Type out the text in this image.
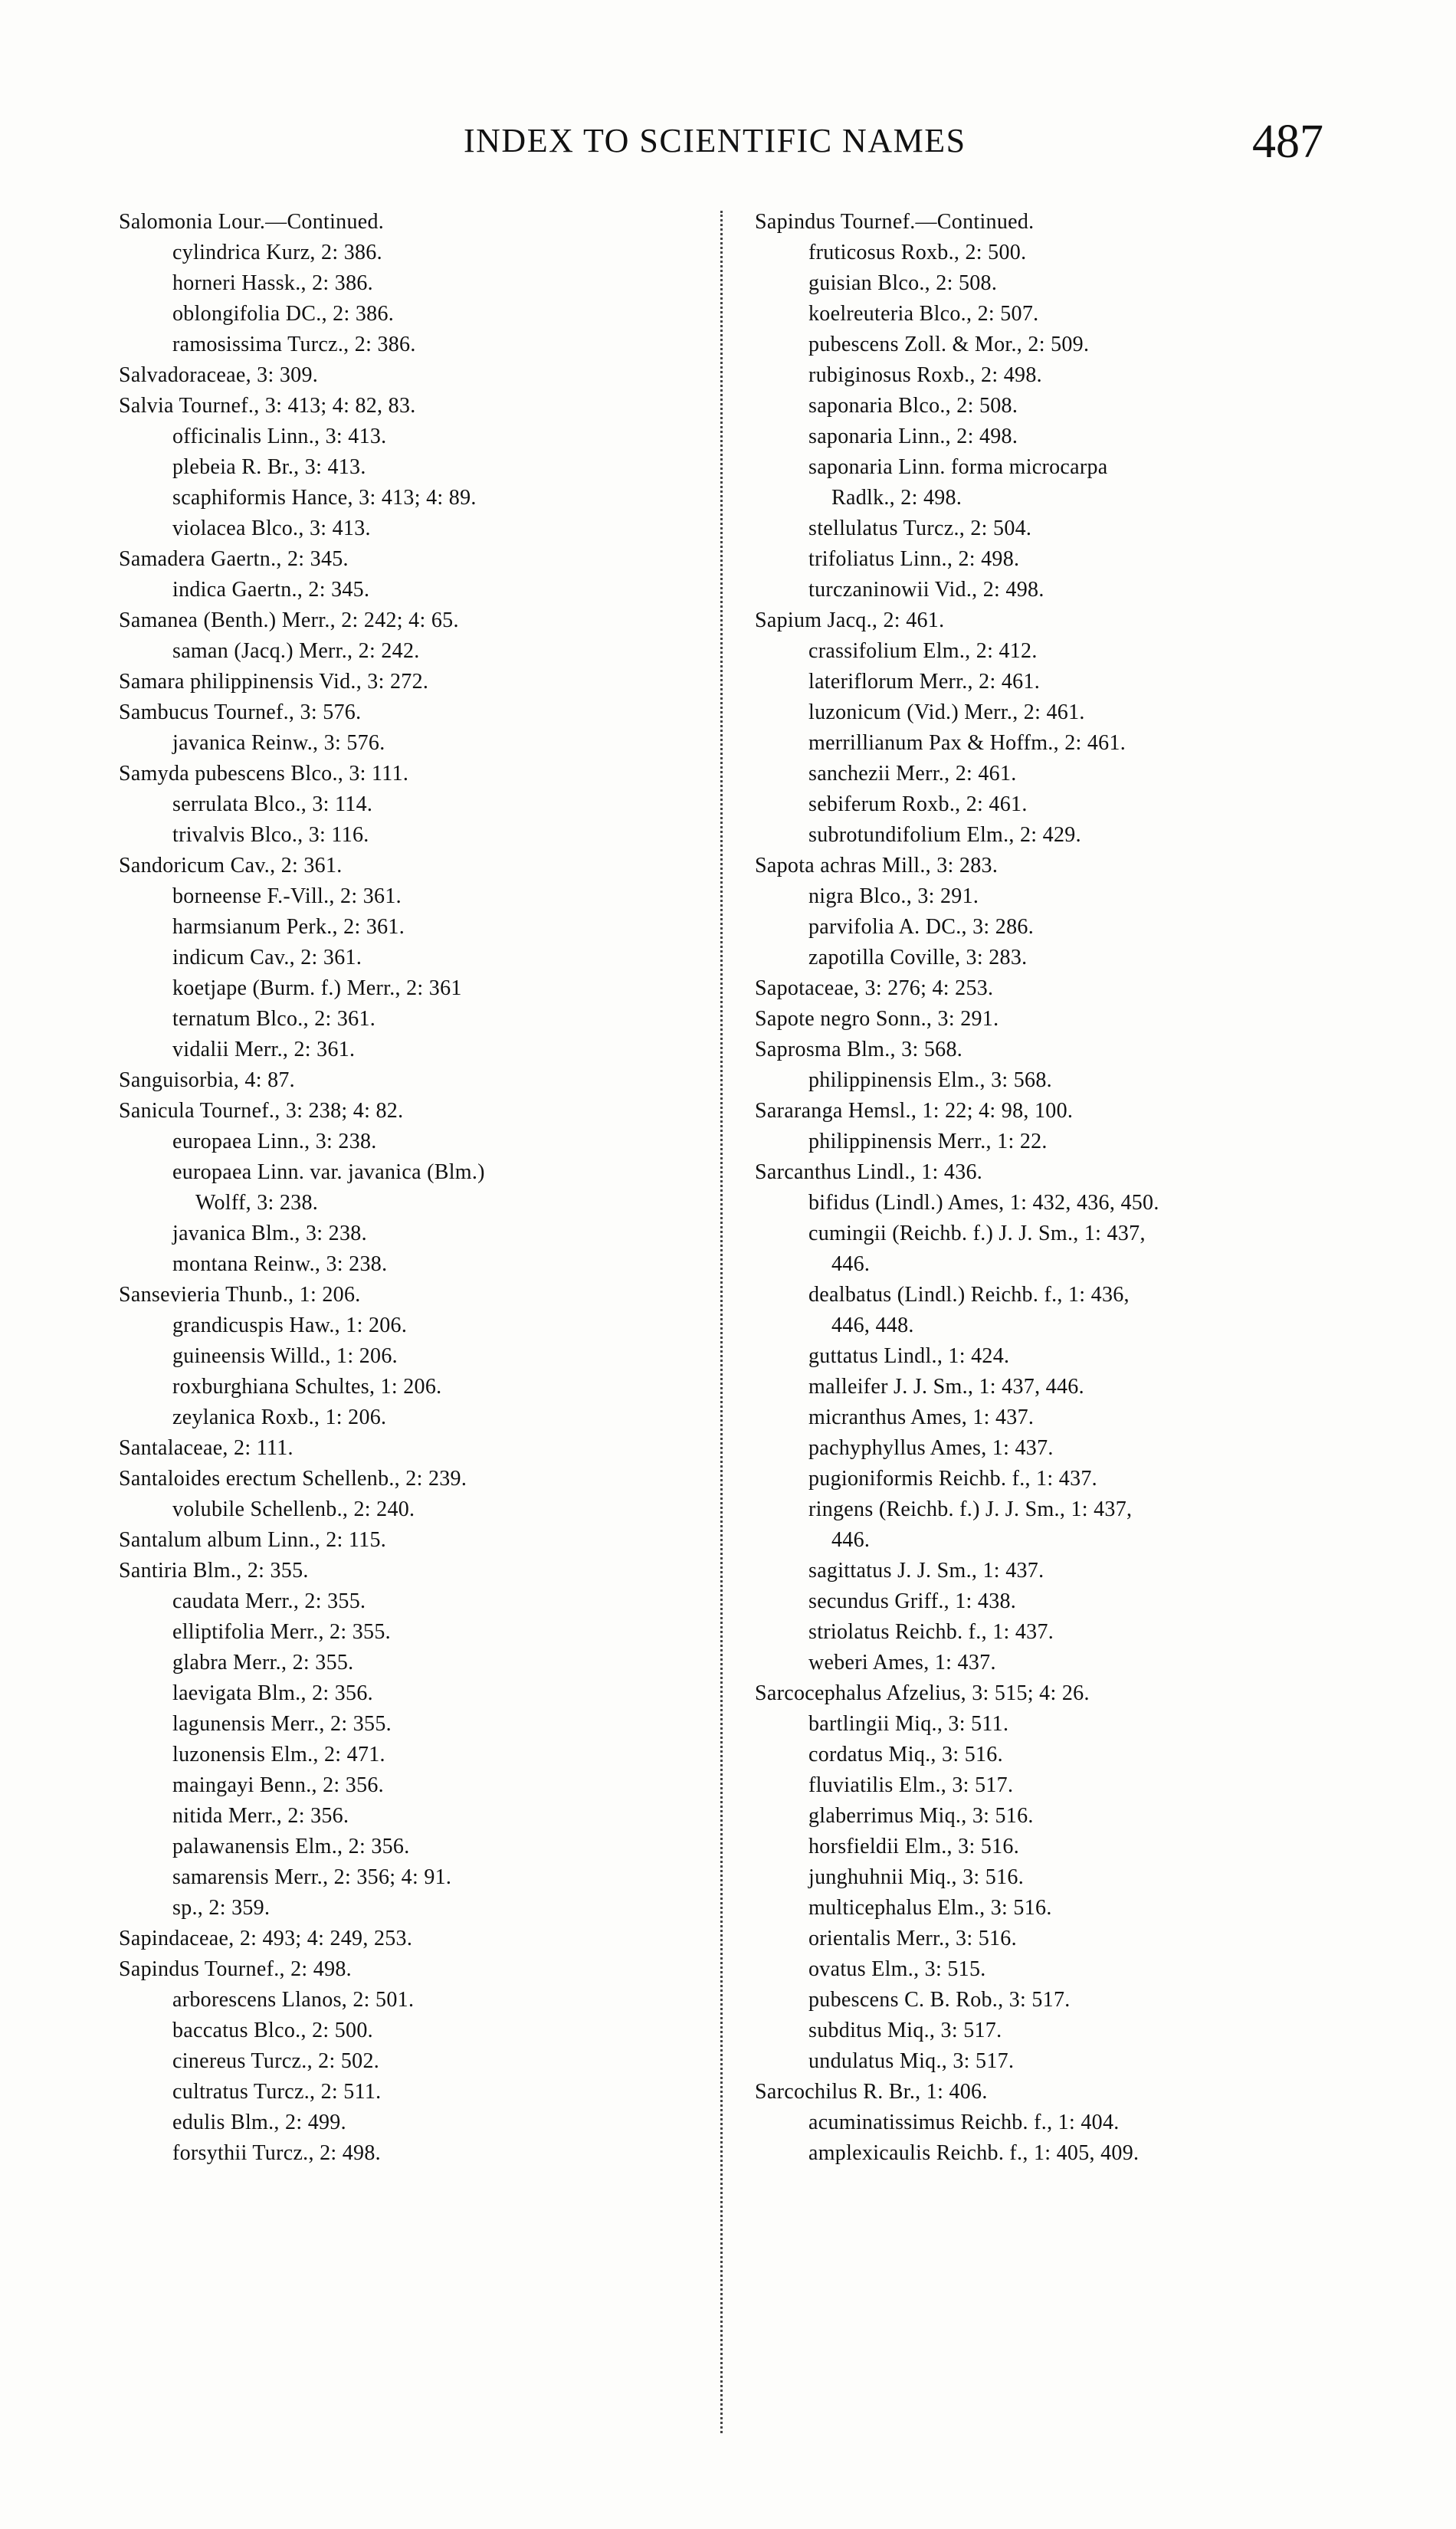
INDEX TO SCIENTIFIC NAMES	487
Salomonia Lour.—Continued.
cylindrica Kurz, 2: 386.
horneri Hassk., 2: 386.
oblongifolia DC., 2: 386.
ramosissima Turcz., 2: 386.
Salvadoraceae, 3: 309.
Salvia Tournef., 3: 413; 4: 82, 83.
officinalis Linn., 3: 413.
plebeia R. Br., 3: 413.
scaphiformis Hance, 3: 413; 4: 89.
violacea Blco., 3: 413.
Samadera Gaertn., 2: 345.
indica Gaertn., 2: 345.
Samanea (Benth.) Merr., 2: 242; 4: 65.
saman (Jacq.) Merr., 2: 242.
Samara philippinensis Vid., 3: 272.
Sambucus Tournef., 3: 576.
javanica Reinw., 3: 576.
Samyda pubescens Blco., 3: 111.
serrulata Blco., 3: 114.
trivalvis Blco., 3: 116.
Sandoricum Cav., 2: 361.
borneense F.-Vill., 2: 361.
harmsianum Perk., 2: 361.
indicum Cav., 2: 361.
koetjape (Burm. f.) Merr., 2: 361
ternatum Blco., 2: 361.
vidalii Merr., 2: 361.
Sanguisorbia, 4: 87.
Sanicula Tournef., 3: 238; 4: 82.
europaea Linn., 3: 238.
europaea Linn. var. javanica (Blm.)
Wolff, 3: 238.
javanica Blm., 3: 238.
montana Reinw., 3: 238.
Sansevieria Thunb., 1: 206.
grandicuspis Haw., 1: 206.
guineensis Willd., 1: 206.
roxburghiana Schultes, 1: 206.
zeylanica Roxb., 1: 206.
Santalaceae, 2: 111.
Santaloides erectum Schellenb., 2: 239.
volubile Schellenb., 2: 240.
Santalum album Linn., 2: 115.
Santiria Blm., 2: 355.
caudata Merr., 2: 355.
elliptifolia Merr., 2: 355.
glabra Merr., 2: 355.
laevigata Blm., 2: 356.
lagunensis Merr., 2: 355.
luzonensis Elm., 2: 471.
maingayi Benn., 2: 356.
nitida Merr., 2: 356.
palawanensis Elm., 2: 356.
samarensis Merr., 2: 356; 4: 91.
sp., 2: 359.
Sapindaceae, 2: 493; 4: 249, 253.
Sapindus Tournef., 2: 498.
arborescens Llanos, 2: 501.
baccatus Blco., 2: 500.
cinereus Turcz., 2: 502.
cultratus Turcz., 2: 511.
edulis Blm., 2: 499.
forsythii Turcz., 2: 498.
Sapindus Tournef.—Continued.
fruticosus Roxb., 2: 500.
guisian Blco., 2: 508.
koelreuteria Blco., 2: 507.
pubescens Zoll. & Mor., 2: 509.
rubiginosus Roxb., 2: 498.
saponaria Blco., 2: 508.
saponaria Linn., 2: 498.
saponaria Linn. forma microcarpa
Radlk., 2: 498.
stellulatus Turcz., 2: 504.
trifoliatus Linn., 2: 498.
turczaninowii Vid., 2: 498.
Sapium Jacq., 2: 461.
crassifolium Elm., 2: 412.
lateriflorum Merr., 2: 461.
luzonicum (Vid.) Merr., 2: 461.
merrillianum Pax & Hoffm., 2: 461.
sanchezii Merr., 2: 461.
sebiferum Roxb., 2: 461.
subrotundifolium Elm., 2: 429.
Sapota achras Mill., 3: 283.
nigra Blco., 3: 291.
parvifolia A. DC., 3: 286.
zapotilla Coville, 3: 283.
Sapotaceae, 3: 276; 4: 253.
Sapote negro Sonn., 3: 291.
Saprosma Blm., 3: 568.
philippinensis Elm., 3: 568.
Sararanga Hemsl., 1: 22; 4: 98, 100.
philippinensis Merr., 1: 22.
Sarcanthus Lindl., 1: 436.
bifidus (Lindl.) Ames, 1: 432, 436, 450.
cumingii (Reichb. f.) J. J. Sm., 1: 437,
446.
dealbatus (Lindl.) Reichb. f., 1: 436,
446, 448.
guttatus Lindl., 1: 424.
malleifer J. J. Sm., 1: 437, 446.
micranthus Ames, 1: 437.
pachyphyllus Ames, 1: 437.
pugioniformis Reichb. f., 1: 437.
ringens (Reichb. f.) J. J. Sm., 1: 437,
446.
sagittatus J. J. Sm., 1: 437.
secundus Griff., 1: 438.
striolatus Reichb. f., 1: 437.
weberi Ames, 1: 437.
Sarcocephalus Afzelius, 3: 515; 4: 26.
bartlingii Miq., 3: 511.
cordatus Miq., 3: 516.
fluviatilis Elm., 3: 517.
glaberrimus Miq., 3: 516.
horsfieldii Elm., 3: 516.
junghuhnii Miq., 3: 516.
multicephalus Elm., 3: 516.
orientalis Merr., 3: 516.
ovatus Elm., 3: 515.
pubescens C. B. Rob., 3: 517.
subditus Miq., 3: 517.
undulatus Miq., 3: 517.
Sarcochilus R. Br., 1: 406.
acuminatissimus Reichb. f., 1: 404.
amplexicaulis Reichb. f., 1: 405, 409.
